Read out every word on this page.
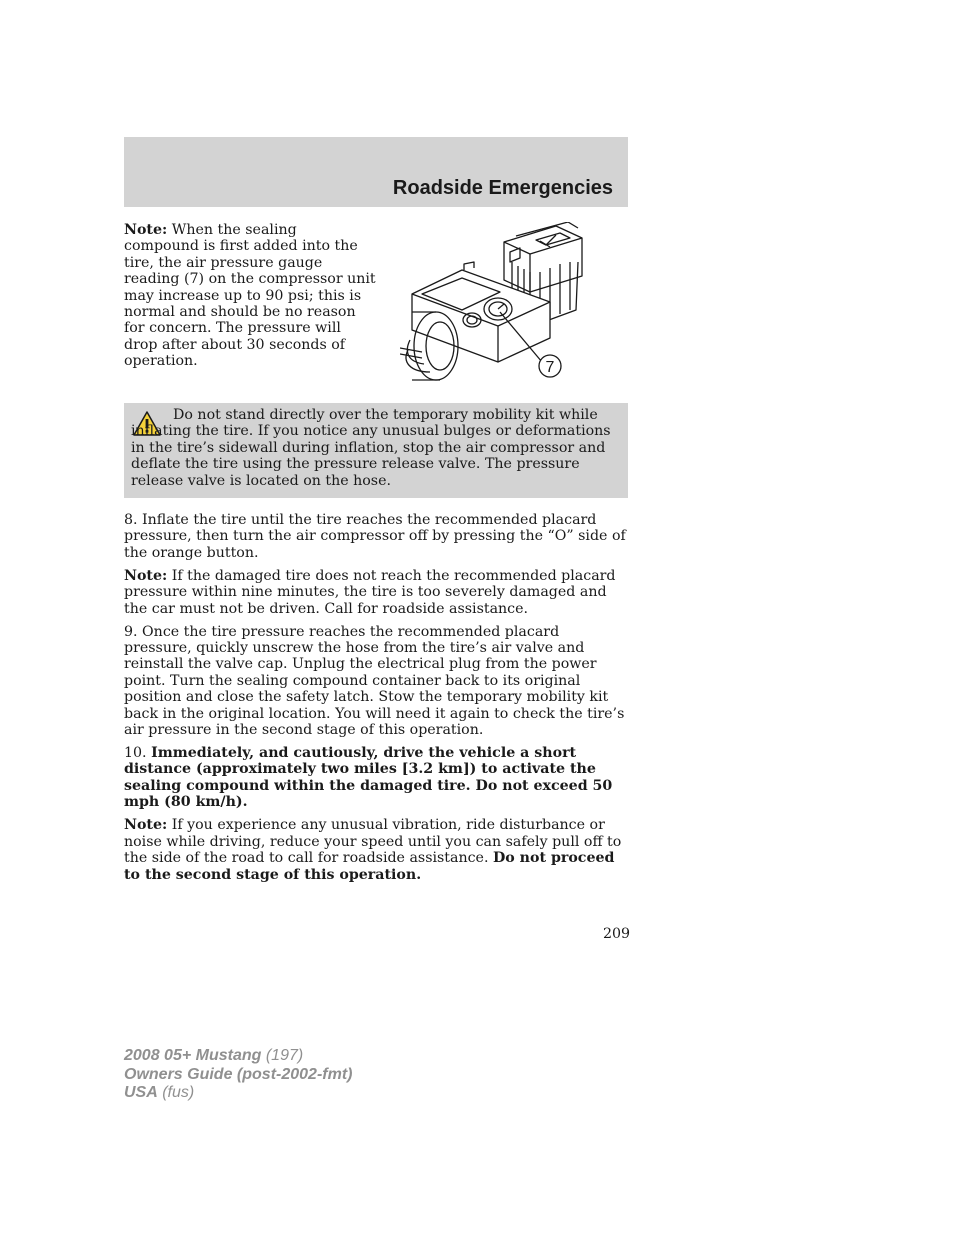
Roadside Emergencies

Note: When the sealing compound is first added into the tire, the air pressure gauge reading (7) on the compressor unit may increase up to 90 psi; this is normal and should be no reason for concern. The pressure will drop after about 30 seconds of operation.	7

Do not stand directly over the temporary mobility kit while inflating the tire. If you notice any unusual bulges or deformations in the tire’s sidewall during inflation, stop the air compressor and deflate the tire using the pressure release valve. The pressure release valve is located on the hose.

8. Inflate the tire until the tire reaches the recommended placard pressure, then turn the air compressor off by pressing the “O” side of the orange button.

Note: If the damaged tire does not reach the recommended placard pressure within nine minutes, the tire is too severely damaged and the car must not be driven. Call for roadside assistance.

9. Once the tire pressure reaches the recommended placard pressure, quickly unscrew the hose from the tire’s air valve and reinstall the valve cap. Unplug the electrical plug from the power point. Turn the sealing compound container back to its original position and close the safety latch. Stow the temporary mobility kit back in the original location. You will need it again to check the tire’s air pressure in the second stage of this operation.

10. Immediately, and cautiously, drive the vehicle a short distance (approximately two miles [3.2 km]) to activate the sealing compound within the damaged tire. Do not exceed 50 mph (80 km/h).

Note: If you experience any unusual vibration, ride disturbance or noise while driving, reduce your speed until you can safely pull off to the side of the road to call for roadside assistance. Do not proceed to the second stage of this operation.

209
2008 05+ Mustang (197)
Owners Guide (post-2002-fmt)
USA (fus)
